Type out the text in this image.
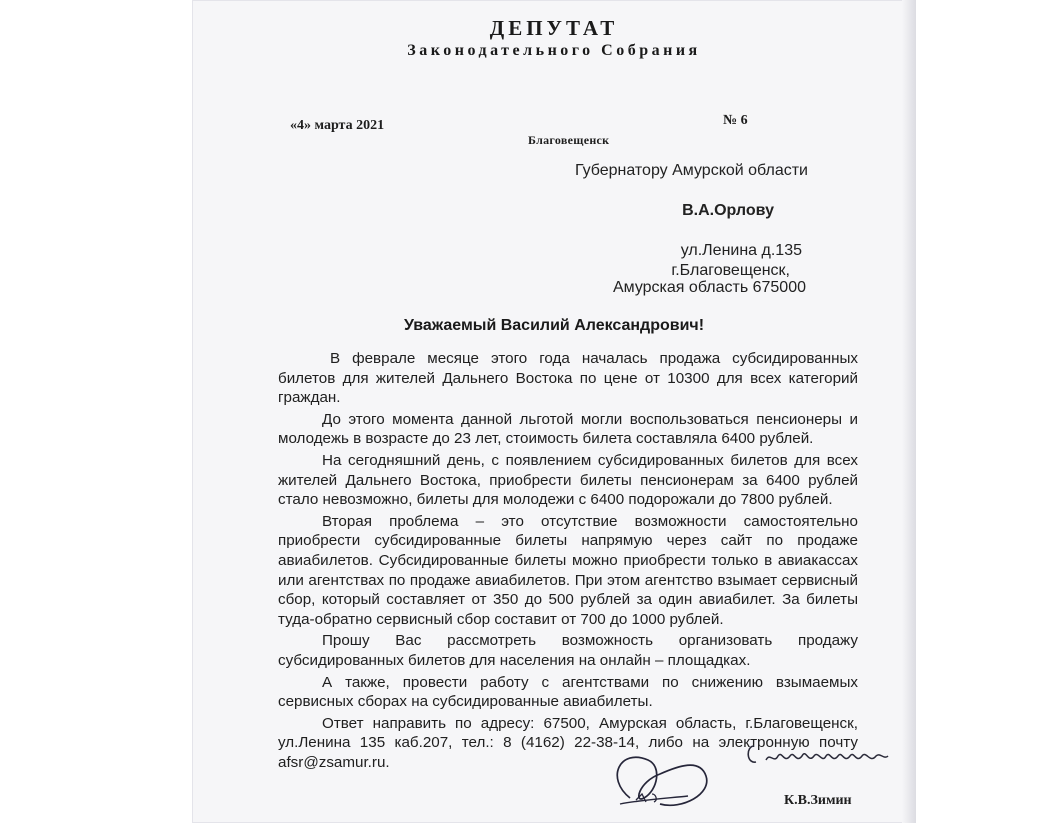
ДЕПУТАТ
Законодательного Собрания
«4» марта 2021	№ 6
Благовещенск
Губернатору Амурской области
В.А.Орлову
ул.Ленина д.135
г.Благовещенск,
Амурская область 675000
Уважаемый Василий Александрович!

В феврале месяце этого года началась продажа субсидированных билетов для жителей Дальнего Востока по цене от 10300 для всех категорий граждан.

До этого момента данной льготой могли воспользоваться пенсионеры и молодежь в возрасте до 23 лет, стоимость билета составляла 6400 рублей.

На сегодняшний день, с появлением субсидированных билетов для всех жителей Дальнего Востока, приобрести билеты пенсионерам за 6400 рублей стало невозможно, билеты для молодежи с 6400 подорожали до 7800 рублей.

Вторая проблема – это отсутствие возможности самостоятельно приобрести субсидированные билеты напрямую через сайт по продаже авиабилетов. Субсидированные билеты можно приобрести только в авиакассах или агентствах по продаже авиабилетов. При этом агентство взымает сервисный сбор, который составляет от 350 до 500 рублей за один авиабилет. За билеты туда-обратно сервисный сбор составит от 700 до 1000 рублей.

Прошу Вас рассмотреть возможность организовать продажу субсидированных билетов для населения на онлайн – площадках.

А также, провести работу с агентствами по снижению взымаемых сервисных сборах на субсидированные авиабилеты.

Ответ направить по адресу: 67500, Амурская область, г.Благовещенск, ул.Ленина 135 каб.207, тел.: 8 (4162) 22-38-14, либо на электронную почту afsr@zsamur.ru.

К.В.Зимин
